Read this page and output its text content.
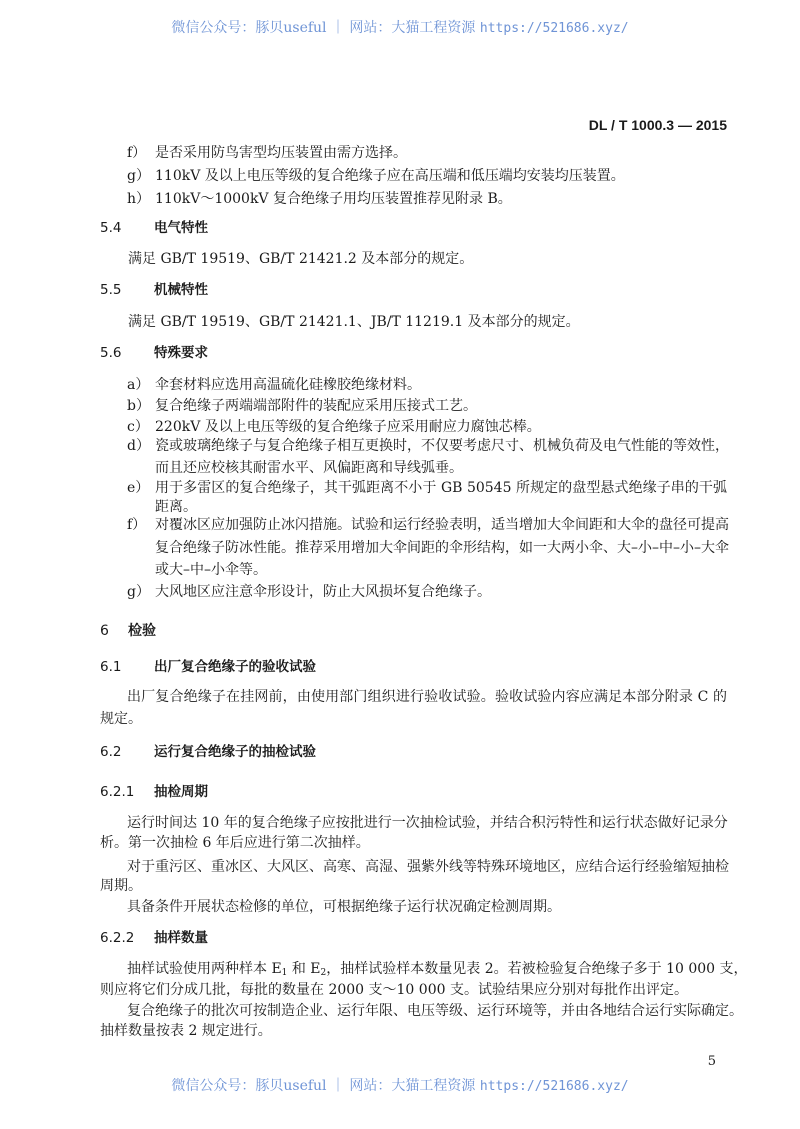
微信公众号：豚贝useful ｜ 网站：大猫工程资源 https://521686.xyz/
DL / T 1000.3 — 2015
f） 是否采用防鸟害型均压装置由需方选择。
g） 110kV 及以上电压等级的复合绝缘子应在高压端和低压端均安装均压装置。
h） 110kV～1000kV 复合绝缘子用均压装置推荐见附录 B。
5.4 电气特性
满足 GB/T 19519、GB/T 21421.2 及本部分的规定。
5.5 机械特性
满足 GB/T 19519、GB/T 21421.1、JB/T 11219.1 及本部分的规定。
5.6 特殊要求
a） 伞套材料应选用高温硫化硅橡胶绝缘材料。
b） 复合绝缘子两端端部附件的装配应采用压接式工艺。
c） 220kV 及以上电压等级的复合绝缘子应采用耐应力腐蚀芯棒。
d） 瓷或玻璃绝缘子与复合绝缘子相互更换时，不仅要考虑尺寸、机械负荷及电气性能的等效性，
而且还应校核其耐雷水平、风偏距离和导线弧垂。
e） 用于多雷区的复合绝缘子，其干弧距离不小于 GB 50545 所规定的盘型悬式绝缘子串的干弧
距离。
f） 对覆冰区应加强防止冰闪措施。试验和运行经验表明，适当增加大伞间距和大伞的盘径可提高
复合绝缘子防冰性能。推荐采用增加大伞间距的伞形结构，如一大两小伞、大–小–中–小–大伞
或大–中–小伞等。
g） 大风地区应注意伞形设计，防止大风损坏复合绝缘子。
6 检验
6.1 出厂复合绝缘子的验收试验
出厂复合绝缘子在挂网前，由使用部门组织进行验收试验。验收试验内容应满足本部分附录 C 的
规定。
6.2 运行复合绝缘子的抽检试验
6.2.1 抽检周期
运行时间达 10 年的复合绝缘子应按批进行一次抽检试验，并结合积污特性和运行状态做好记录分
析。第一次抽检 6 年后应进行第二次抽样。
对于重污区、重冰区、大风区、高寒、高湿、强紫外线等特殊环境地区，应结合运行经验缩短抽检
周期。
具备条件开展状态检修的单位，可根据绝缘子运行状况确定检测周期。
6.2.2 抽样数量
抽样试验使用两种样本 $E_1$ 和 $E_2$，抽样试验样本数量见表 2。若被检验复合绝缘子多于 10 000 支，
则应将它们分成几批，每批的数量在 2000 支～10 000 支。试验结果应分别对每批作出评定。
复合绝缘子的批次可按制造企业、运行年限、电压等级、运行环境等，并由各地结合运行实际确定。
抽样数量按表 2 规定进行。
5
微信公众号：豚贝useful ｜ 网站：大猫工程资源 https://521686.xyz/
